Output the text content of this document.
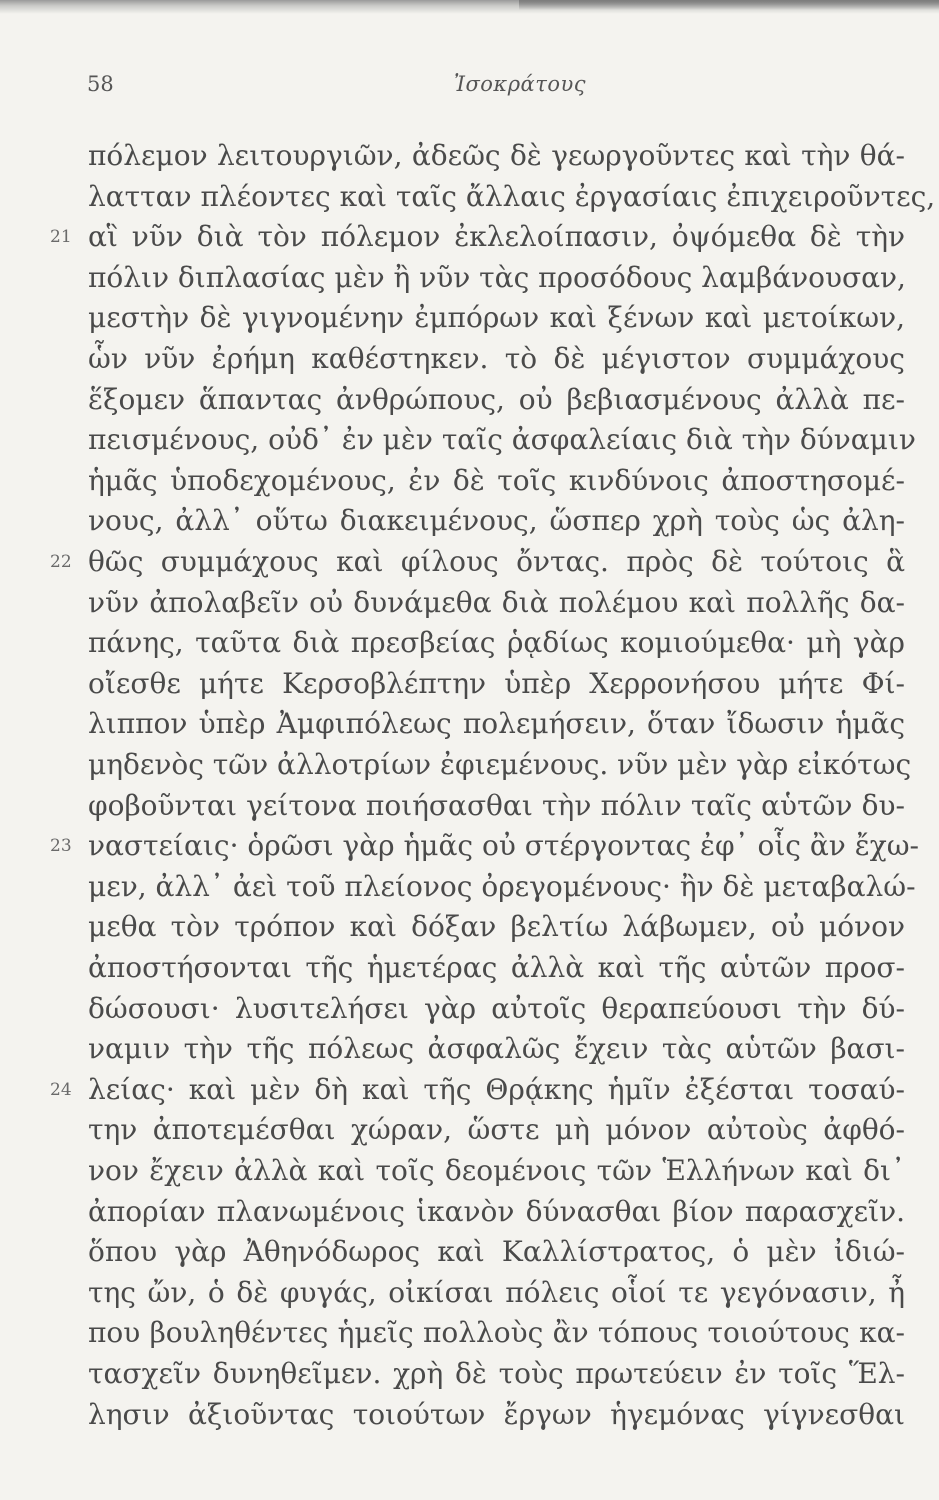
58	Ἰσοκράτους
πόλεμον λειτουργιῶν, ἀδεῶς δὲ γεωργοῦντες καὶ τὴν θά-
λατταν πλέοντες καὶ ταῖς ἄλλαις ἐργασίαις ἐπιχειροῦντες,
21 αἳ νῦν διὰ τὸν πόλεμον ἐκλελοίπασιν, ὀψόμεθα δὲ τὴν
πόλιν διπλασίας μὲν ἢ νῦν τὰς προσόδους λαμβάνουσαν,
μεστὴν δὲ γιγνομένην ἐμπόρων καὶ ξένων καὶ μετοίκων,
ὧν νῦν ἐρήμη καθέστηκεν. τὸ δὲ μέγιστον συμμάχους
ἕξομεν ἅπαντας ἀνθρώπους, οὐ βεβιασμένους ἀλλὰ πε-
πεισμένους, οὐδ᾽ ἐν μὲν ταῖς ἀσφαλείαις διὰ τὴν δύναμιν
ἡμᾶς ὑποδεχομένους, ἐν δὲ τοῖς κινδύνοις ἀποστησομέ-
νους, ἀλλ᾽ οὕτω διακειμένους, ὥσπερ χρὴ τοὺς ὡς ἀλη-
22 θῶς συμμάχους καὶ φίλους ὄντας. πρὸς δὲ τούτοις ἃ
νῦν ἀπολαβεῖν οὐ δυνάμεθα διὰ πολέμου καὶ πολλῆς δα-
πάνης, ταῦτα διὰ πρεσβείας ῥᾳδίως κομιούμεθα· μὴ γὰρ
οἴεσθε μήτε Κερσοβλέπτην ὑπὲρ Χερρονήσου μήτε Φί-
λιππον ὑπὲρ Ἀμφιπόλεως πολεμήσειν, ὅταν ἴδωσιν ἡμᾶς
μηδενὸς τῶν ἀλλοτρίων ἐφιεμένους. νῦν μὲν γὰρ εἰκότως
φοβοῦνται γείτονα ποιήσασθαι τὴν πόλιν ταῖς αὑτῶν δυ-
23 ναστείαις· ὁρῶσι γὰρ ἡμᾶς οὐ στέργοντας ἐφ᾽ οἷς ἂν ἔχω-
μεν, ἀλλ᾽ ἀεὶ τοῦ πλείονος ὀρεγομένους· ἢν δὲ μεταβαλώ-
μεθα τὸν τρόπον καὶ δόξαν βελτίω λάβωμεν, οὐ μόνον
ἀποστήσονται τῆς ἡμετέρας ἀλλὰ καὶ τῆς αὑτῶν προσ-
δώσουσι· λυσιτελήσει γὰρ αὐτοῖς θεραπεύουσι τὴν δύ-
ναμιν τὴν τῆς πόλεως ἀσφαλῶς ἔχειν τὰς αὑτῶν βασι-
24 λείας· καὶ μὲν δὴ καὶ τῆς Θρᾴκης ἡμῖν ἐξέσται τοσαύ-
την ἀποτεμέσθαι χώραν, ὥστε μὴ μόνον αὐτοὺς ἀφθό-
νον ἔχειν ἀλλὰ καὶ τοῖς δεομένοις τῶν Ἑλλήνων καὶ δι᾽
ἀπορίαν πλανωμένοις ἱκανὸν δύνασθαι βίον παρασχεῖν.
ὅπου γὰρ Ἀθηνόδωρος καὶ Καλλίστρατος, ὁ μὲν ἰδιώ-
της ὤν, ὁ δὲ φυγάς, οἰκίσαι πόλεις οἷοί τε γεγόνασιν, ἦ
που βουληθέντες ἡμεῖς πολλοὺς ἂν τόπους τοιούτους κα-
τασχεῖν δυνηθεῖμεν. χρὴ δὲ τοὺς πρωτεύειν ἐν τοῖς Ἕλ-
λησιν ἀξιοῦντας τοιούτων ἔργων ἡγεμόνας γίγνεσθαι
